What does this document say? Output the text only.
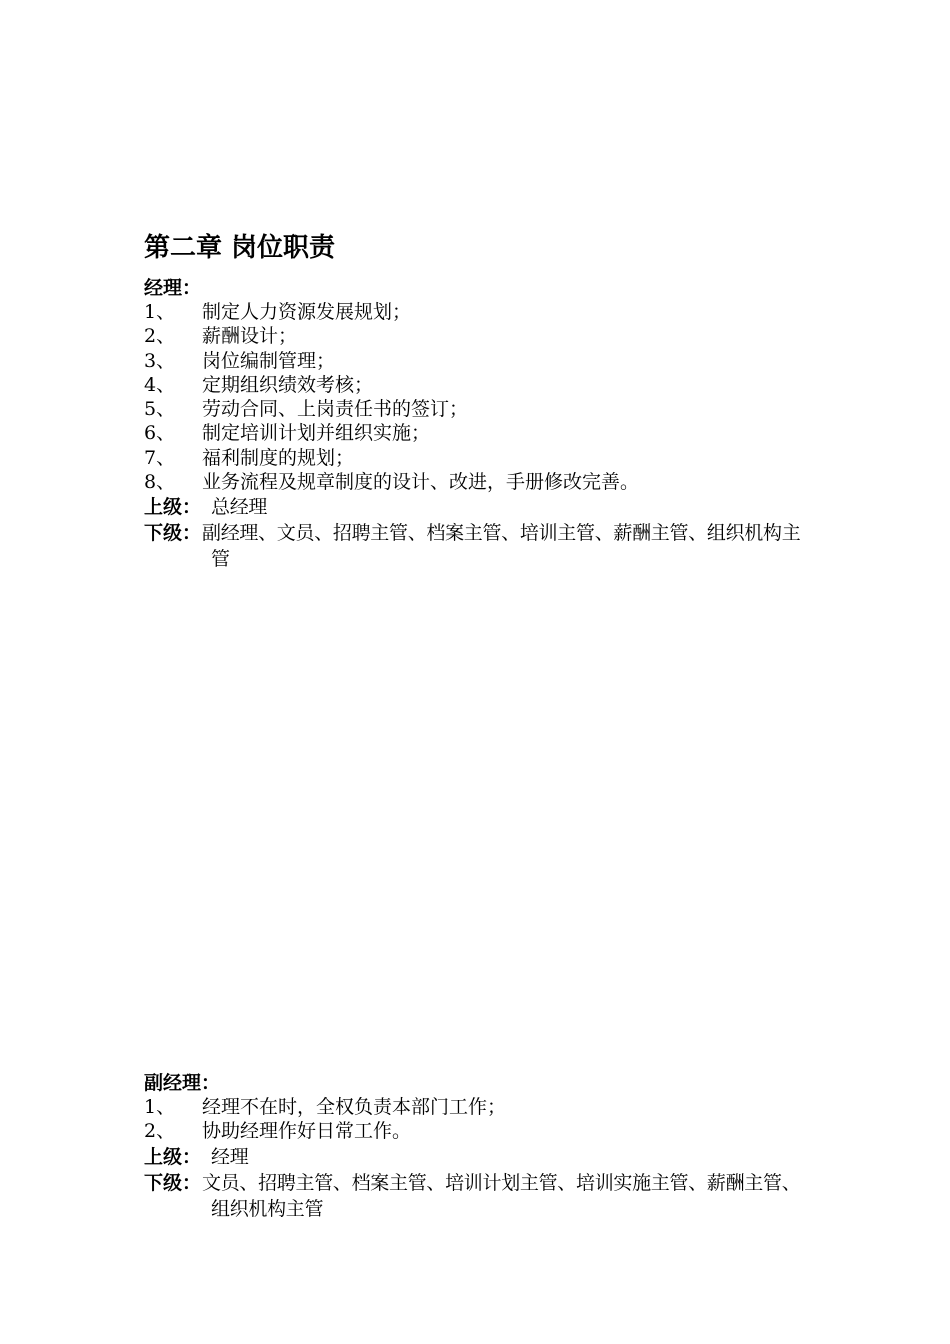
第二章 岗位职责
经理：
1、 制定人力资源发展规划；
2、 薪酬设计；
3、 岗位编制管理；
4、 定期组织绩效考核；
5、 劳动合同、上岗责任书的签订；
6、 制定培训计划并组织实施；
7、 福利制度的规划；
8、 业务流程及规章制度的设计、改进，手册修改完善。
上级： 总经理
下级： 副经理、文员、招聘主管、档案主管、培训主管、薪酬主管、组织机构主管
副经理：
1、 经理不在时，全权负责本部门工作；
2、 协助经理作好日常工作。
上级： 经理
下级： 文员、招聘主管、档案主管、培训计划主管、培训实施主管、薪酬主管、组织机构主管
